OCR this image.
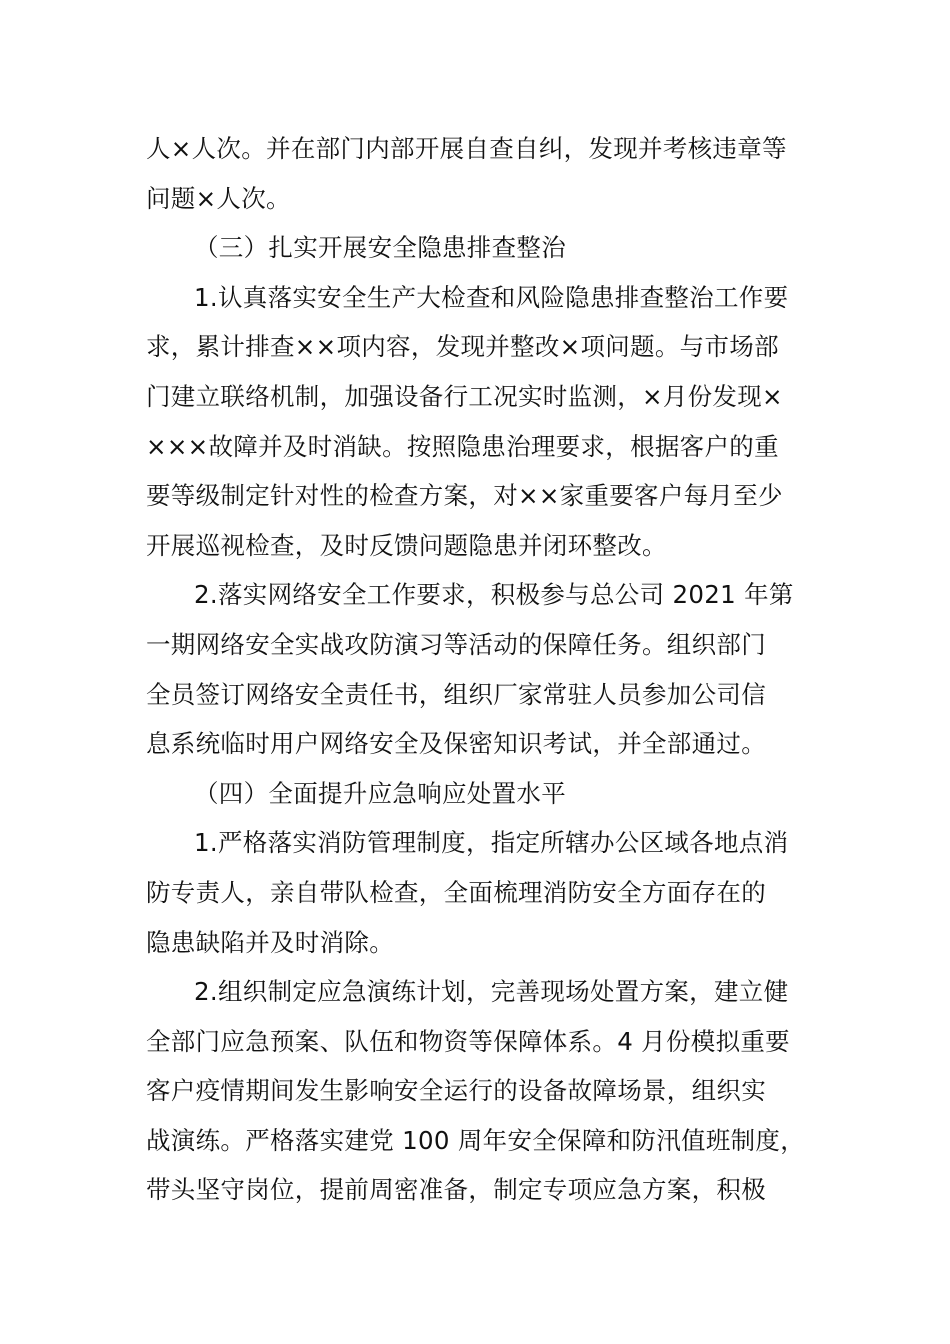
人×人次。并在部门内部开展自查自纠，发现并考核违章等
问题×人次。
（三）扎实开展安全隐患排查整治
1.认真落实安全生产大检查和风险隐患排查整治工作要
求，累计排查××项内容，发现并整改×项问题。与市场部
门建立联络机制，加强设备行工况实时监测，×月份发现×
×××故障并及时消缺。按照隐患治理要求，根据客户的重
要等级制定针对性的检查方案，对××家重要客户每月至少
开展巡视检查，及时反馈问题隐患并闭环整改。
2.落实网络安全工作要求，积极参与总公司 2021 年第
一期网络安全实战攻防演习等活动的保障任务。组织部门
全员签订网络安全责任书，组织厂家常驻人员参加公司信
息系统临时用户网络安全及保密知识考试，并全部通过。
（四）全面提升应急响应处置水平
1.严格落实消防管理制度，指定所辖办公区域各地点消
防专责人，亲自带队检查，全面梳理消防安全方面存在的
隐患缺陷并及时消除。
2.组织制定应急演练计划，完善现场处置方案，建立健
全部门应急预案、队伍和物资等保障体系。4 月份模拟重要
客户疫情期间发生影响安全运行的设备故障场景，组织实
战演练。严格落实建党 100 周年安全保障和防汛值班制度，
带头坚守岗位，提前周密准备，制定专项应急方案，积极
